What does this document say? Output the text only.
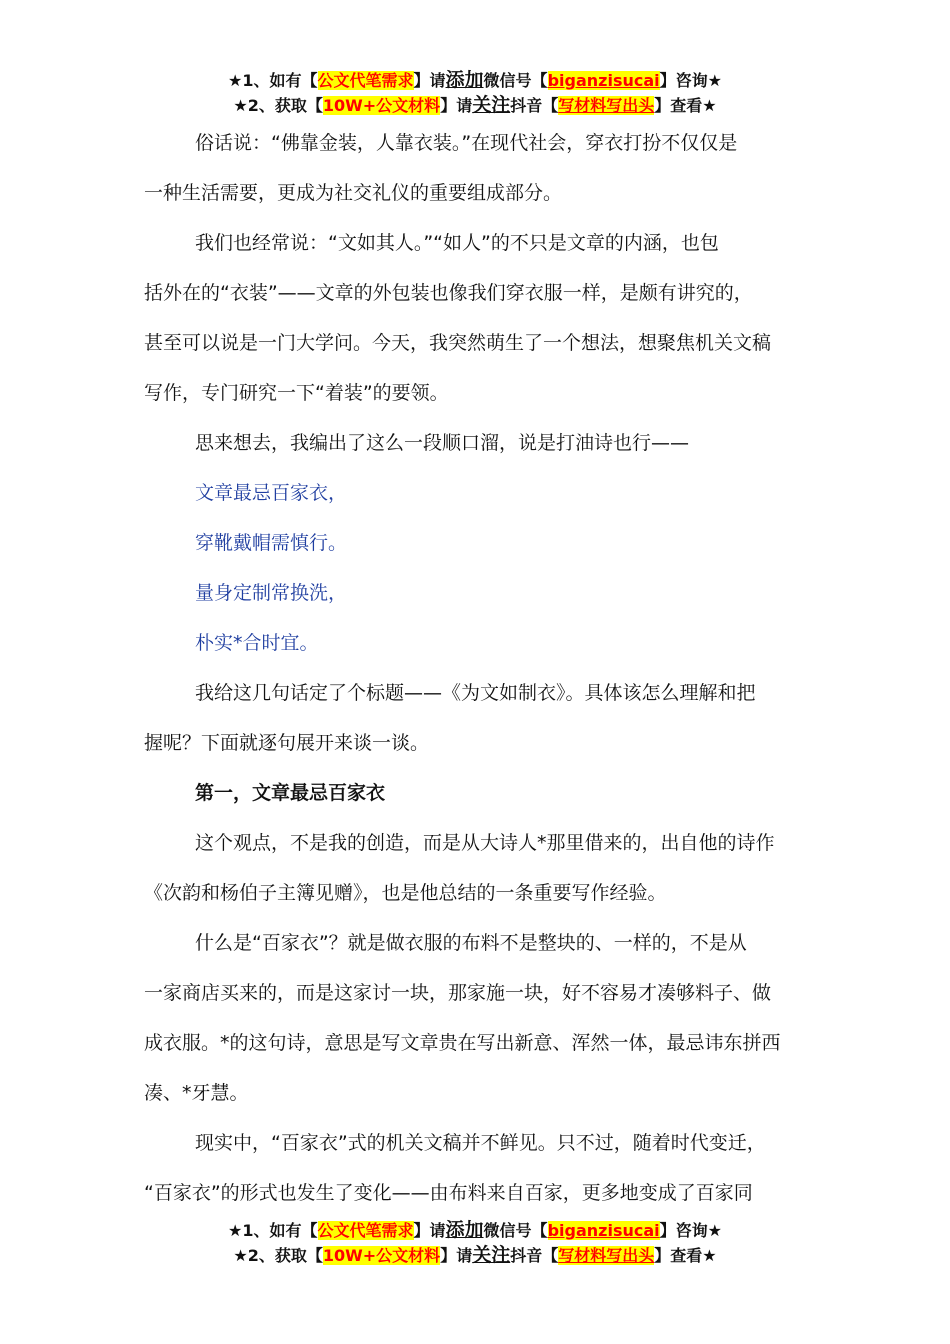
★1、如有【公文代笔需求】请添加微信号【biganzisucai】咨询★
★2、获取【10W+公文材料】请关注抖音【写材料写出头】查看★

俗话说：“佛靠金装，人靠衣装。”在现代社会，穿衣打扮不仅仅是

一种生活需要，更成为社交礼仪的重要组成部分。

我们也经常说：“文如其人。”“如人”的不只是文章的内涵，也包

括外在的“衣装”——文章的外包装也像我们穿衣服一样，是颇有讲究的，

甚至可以说是一门大学问。今天，我突然萌生了一个想法，想聚焦机关文稿

写作，专门研究一下“着装”的要领。

思来想去，我编出了这么一段顺口溜，说是打油诗也行——

文章最忌百家衣，

穿靴戴帽需慎行。

量身定制常换洗，

朴实*合时宜。

我给这几句话定了个标题——《为文如制衣》。具体该怎么理解和把

握呢？下面就逐句展开来谈一谈。

第一，文章最忌百家衣

这个观点，不是我的创造，而是从大诗人*那里借来的，出自他的诗作

《次韵和杨伯子主簿见赠》，也是他总结的一条重要写作经验。

什么是“百家衣”？就是做衣服的布料不是整块的、一样的，不是从

一家商店买来的，而是这家讨一块，那家施一块，好不容易才凑够料子、做

成衣服。*的这句诗，意思是写文章贵在写出新意、浑然一体，最忌讳东拼西

凑、*牙慧。

现实中，“百家衣”式的机关文稿并不鲜见。只不过，随着时代变迁，

“百家衣”的形式也发生了变化——由布料来自百家，更多地变成了百家同

★1、如有【公文代笔需求】请添加微信号【biganzisucai】咨询★
★2、获取【10W+公文材料】请关注抖音【写材料写出头】查看★
